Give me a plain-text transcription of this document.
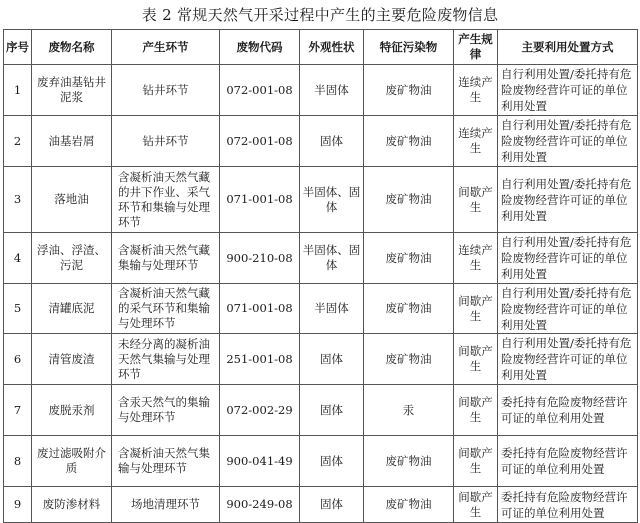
表 2 常规天然气开采过程中产生的主要危险废物信息
序号	废物名称	产生环节	废物代码	外观性状	特征污染物	产生规律	主要利用处置方式
1	废弃油基钻井泥浆	钻井环节	072-001-08	半固体	废矿物油	连续产生	自行利用处置/委托持有危险废物经营许可证的单位利用处置
2	油基岩屑	钻井环节	072-001-08	固体	废矿物油	连续产生	自行利用处置/委托持有危险废物经营许可证的单位利用处置
3	落地油	含凝析油天然气藏的井下作业、采气环节和集输与处理环节	071-001-08	半固体、固体	废矿物油	间歇产生	自行利用处置/委托持有危险废物经营许可证的单位利用处置
4	浮油、浮渣、污泥	含凝析油天然气藏集输与处理环节	900-210-08	半固体、固体	废矿物油	连续产生	自行利用处置/委托持有危险废物经营许可证的单位利用处置
5	清罐底泥	含凝析油天然气藏的采气环节和集输与处理环节	071-001-08	半固体	废矿物油	间歇产生	自行利用处置/委托持有危险废物经营许可证的单位利用处置
6	清管废渣	未经分离的凝析油天然气集输与处理环节	251-001-08	固体	废矿物油	间歇产生	自行利用处置/委托持有危险废物经营许可证的单位利用处置
7	废脱汞剂	含汞天然气的集输与处理环节	072-002-29	固体	汞	间歇产生	委托持有危险废物经营许可证的单位利用处置
8	废过滤吸附介质	含凝析油天然气集输与处理环节	900-041-49	固体	废矿物油	间歇产生	委托持有危险废物经营许可证的单位利用处置
9	废防渗材料	场地清理环节	900-249-08	固体	废矿物油	间歇产生	委托持有危险废物经营许可证的单位利用处置
